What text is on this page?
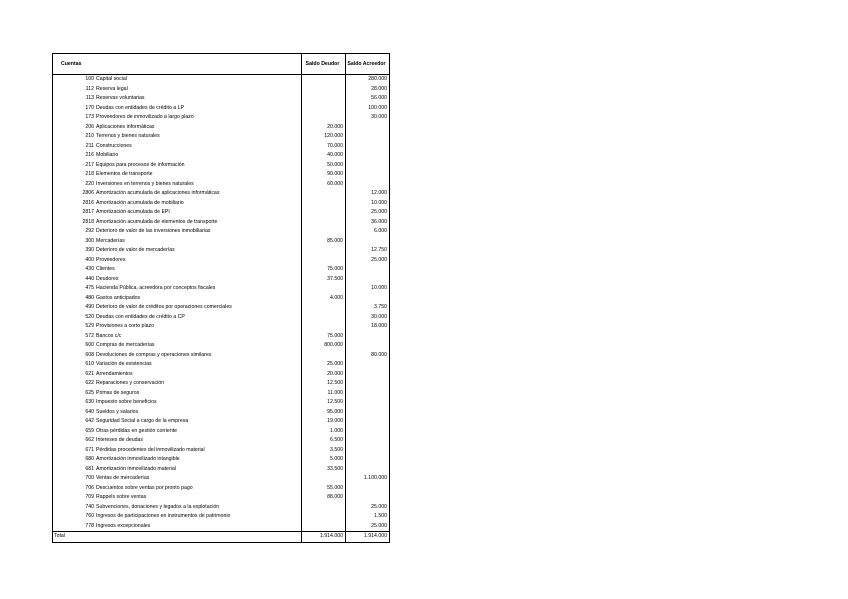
Cuentas	Saldo Deudor	Saldo Acreedor
100 Capital social		280.000
112 Reserva legal		28.000
113 Reservas voluntarias		56.000
170 Deudas con entidades de crédito a LP		100.000
173 Proveedores de inmovilizado a largo plazo		30.000
206 Aplicaciones informáticas	20.000	
210 Terrenos y bienes naturales	120.000	
211 Construcciones	70.000	
216 Mobiliario	40.000	
217 Equipos para procesos de información	50.000	
218 Elementos de transporte	90.000	
220 Inversiones en terrenos y bienes naturales	60.000	
2806 Amortización acumulada de aplicaciones informáticas		12.000
2816 Amortización acumulada de mobiliario		10.000
2817 Amortización acumulada de EPI		25.000
2818 Amortización acumulada de elementos de transporte		36.000
292 Deterioro de valor de las inversiones inmobiliarias		6.000
300 Mercaderías	85.000	
390 Deterioro de valor de mercaderías		12.750
400 Proveedores		25.000
430 Clientes	75.000	
440 Deudores	37.500	
475 Hacienda Pública, acreedora por conceptos fiscales		10.000
480 Gastos anticipados	4.000	
490 Deterioro de valor de créditos por operaciones comerciales		3.750
520 Deudas con entidades de crédito a CP		30.000
529 Provisiones a corto plazo		18.000
572 Bancos c/c	75.000	
600 Compras de mercaderías	800.000	
608 Devoluciones de compras y operaciones similares		80.000
610 Variación de existencias	25.000	
621 Arrendamientos	20.000	
622 Reparaciones y conservación	12.500	
625 Primas de seguros	11.000	
630 Impuesto sobre beneficios	12.500	
640 Sueldos y salarios	95.000	
642 Seguridad Social a cargo de la empresa	19.000	
659 Otras pérdidas en gestión corriente	1.000	
662 Intereses de deudas	6.500	
671 Pérdidas procedentes del inmovilizado material	3.500	
680 Amortización inmovilizado intangible	5.000	
681 Amortización inmovilizado material	33.500	
700 Ventas de mercaderías		1.100.000
706 Descuentos sobre ventas por pronto pago	55.000	
709 Rappels sobre ventas	88.000	
740 Subvenciones, donaciones y legados a la explotación		25.000
760 Ingresos de participaciones en instrumentos de patrimonio		1.500
778 Ingresos excepcionales		25.000
Total	1.914.000	1.914.000
